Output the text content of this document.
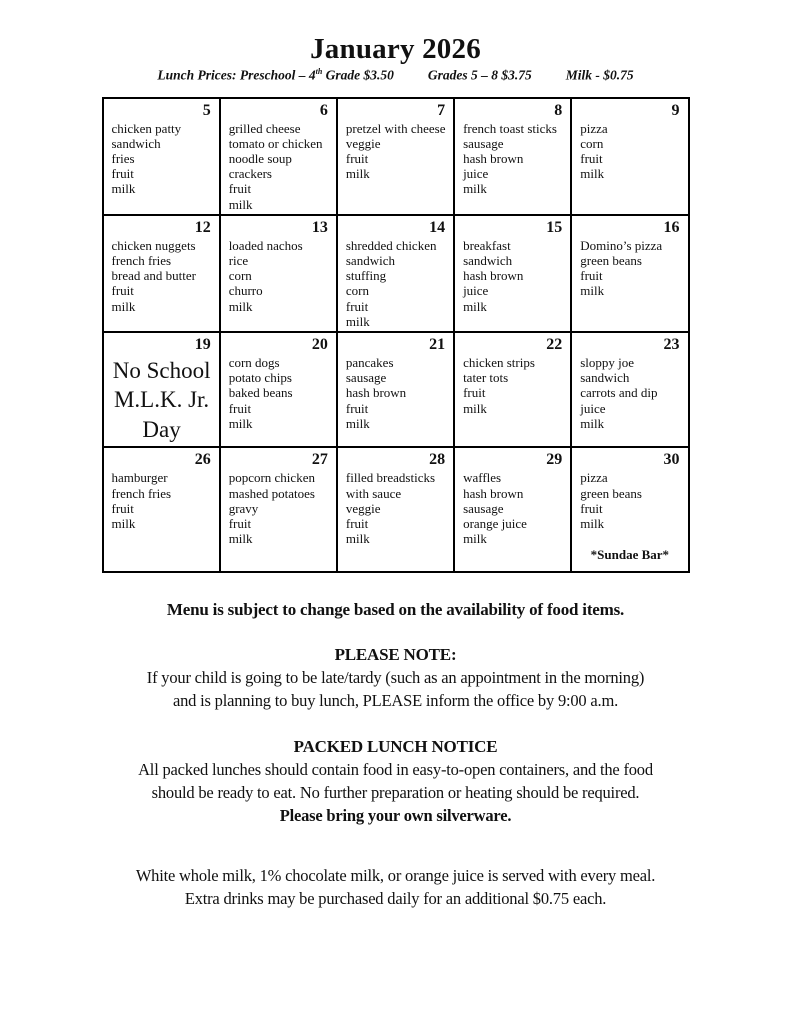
January 2026
Lunch Prices: Preschool – 4th Grade $3.50	Grades 5 – 8 $3.75	Milk - $0.75
5
chicken patty
sandwich
fries
fruit
milk

6
grilled cheese
tomato or chicken
noodle soup
crackers
fruit
milk

7
pretzel with cheese
veggie
fruit
milk

8
french toast sticks
sausage
hash brown
juice
milk

9
pizza
corn
fruit
milk

12
chicken nuggets
french fries
bread and butter
fruit
milk

13
loaded nachos
rice
corn
churro
milk

14
shredded chicken
sandwich
stuffing
corn
fruit
milk

15
breakfast
sandwich
hash brown
juice
milk

16
Domino’s pizza
green beans
fruit
milk

19
No School
M.L.K. Jr.
Day

20
corn dogs
potato chips
baked beans
fruit
milk

21
pancakes
sausage
hash brown
fruit
milk

22
chicken strips
tater tots
fruit
milk

23
sloppy joe
sandwich
carrots and dip
juice
milk

26
hamburger
french fries
fruit
milk

27
popcorn chicken
mashed potatoes
gravy
fruit
milk

28
filled breadsticks
with sauce
veggie
fruit
milk

29
waffles
hash brown
sausage
orange juice
milk

30
pizza
green beans
fruit
milk
*Sundae Bar*
Menu is subject to change based on the availability of food items.
PLEASE NOTE:
If your child is going to be late/tardy (such as an appointment in the morning)
and is planning to buy lunch, PLEASE inform the office by 9:00 a.m.
PACKED LUNCH NOTICE
All packed lunches should contain food in easy-to-open containers, and the food
should be ready to eat. No further preparation or heating should be required.
Please bring your own silverware.
White whole milk, 1% chocolate milk, or orange juice is served with every meal.
Extra drinks may be purchased daily for an additional $0.75 each.
